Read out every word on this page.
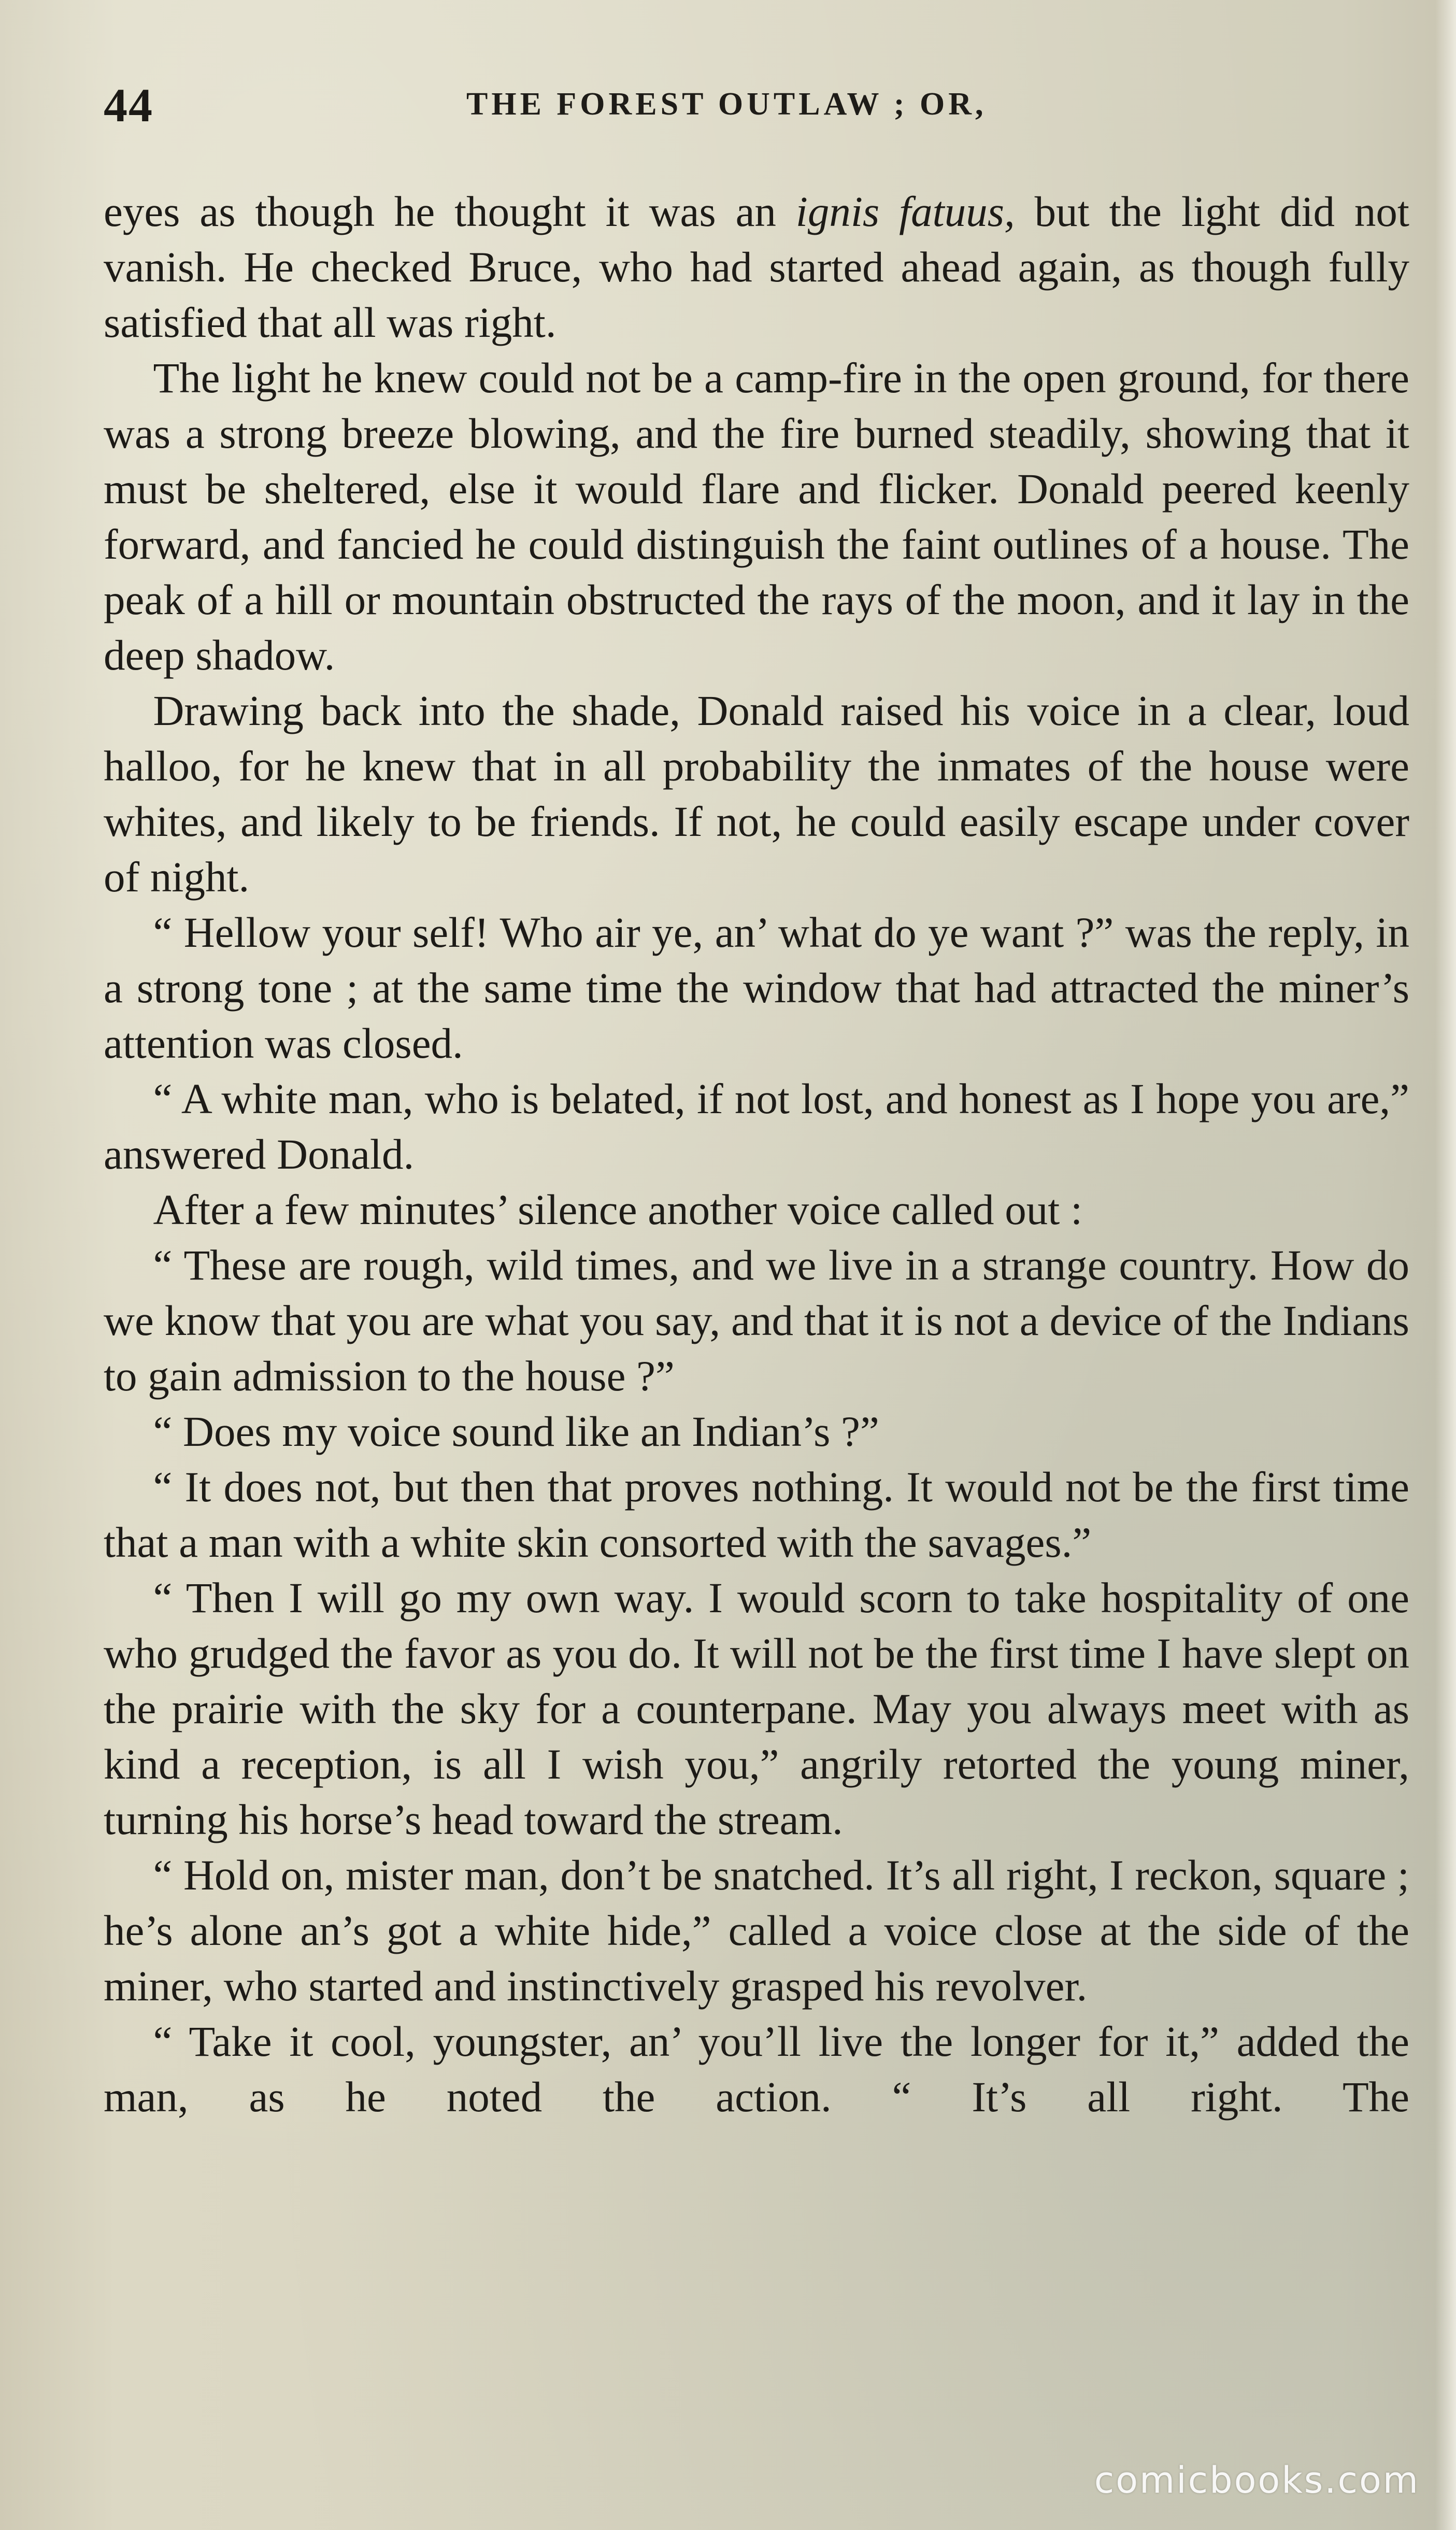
44	THE FOREST OUTLAW ; OR,

eyes as though he thought it was an ignis fatuus, but the light did not vanish. He checked Bruce, who had started ahead again, as though fully satisfied that all was right.

The light he knew could not be a camp-fire in the open ground, for there was a strong breeze blowing, and the fire burned steadily, showing that it must be sheltered, else it would flare and flicker. Donald peered keenly forward, and fancied he could distinguish the faint outlines of a house. The peak of a hill or mountain obstructed the rays of the moon, and it lay in the deep shadow.

Drawing back into the shade, Donald raised his voice in a clear, loud halloo, for he knew that in all probability the inmates of the house were whites, and likely to be friends. If not, he could easily escape under cover of night.

“ Hellow your self! Who air ye, an’ what do ye want ?” was the reply, in a strong tone ; at the same time the window that had attracted the miner’s attention was closed.

“ A white man, who is belated, if not lost, and honest as I hope you are,” answered Donald.

After a few minutes’ silence another voice called out :

“ These are rough, wild times, and we live in a strange country. How do we know that you are what you say, and that it is not a device of the Indians to gain admission to the house ?”

“ Does my voice sound like an Indian’s ?”

“ It does not, but then that proves nothing. It would not be the first time that a man with a white skin consorted with the savages.”

“ Then I will go my own way. I would scorn to take hospitality of one who grudged the favor as you do. It will not be the first time I have slept on the prairie with the sky for a counterpane. May you always meet with as kind a reception, is all I wish you,” angrily retorted the young miner, turning his horse’s head toward the stream.

“ Hold on, mister man, don’t be snatched. It’s all right, I reckon, square ; he’s alone an’s got a white hide,” called a voice close at the side of the miner, who started and instinctively grasped his revolver.

“ Take it cool, youngster, an’ you’ll live the longer for it,” added the man, as he noted the action. “ It’s all right. The

comicbooks.com
